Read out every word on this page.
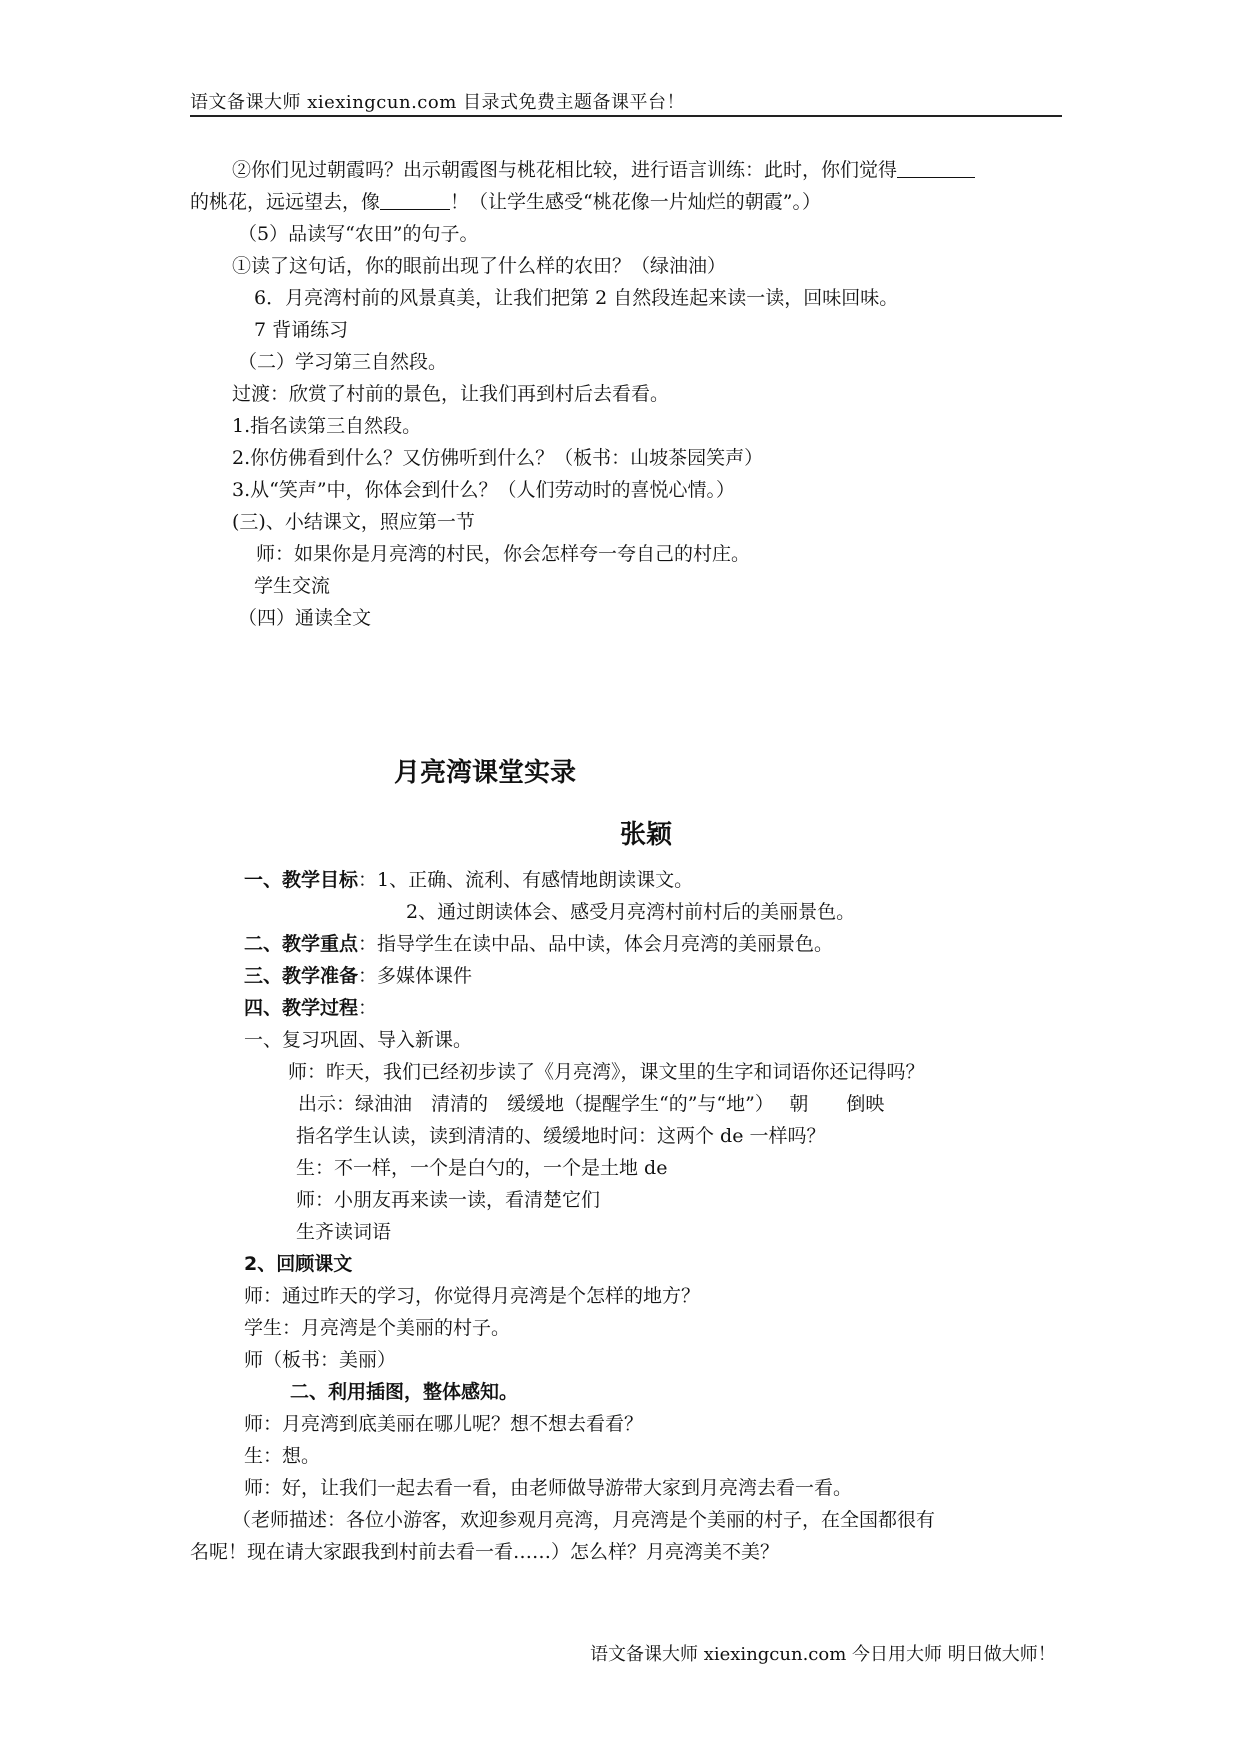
语文备课大师 xiexingcun.com 目录式免费主题备课平台！
②你们见过朝霞吗？出示朝霞图与桃花相比较，进行语言训练：此时，你们觉得
的桃花，远远望去，像	！（让学生感受“桃花像一片灿烂的朝霞”。）
（5）品读写“农田”的句子。
①读了这句话，你的眼前出现了什么样的农田？（绿油油）
6．月亮湾村前的风景真美，让我们把第 2 自然段连起来读一读，回味回味。
7 背诵练习
（二）学习第三自然段。
过渡：欣赏了村前的景色，让我们再到村后去看看。
1.指名读第三自然段。
2.你仿佛看到什么？又仿佛听到什么？（板书：山坡茶园笑声）
3.从“笑声”中，你体会到什么？（人们劳动时的喜悦心情。）
(三)、小结课文，照应第一节
师：如果你是月亮湾的村民，你会怎样夸一夸自己的村庄。
学生交流
（四）通读全文
月亮湾课堂实录
张颖
一、教学目标：1、正确、流利、有感情地朗读课文。
2、通过朗读体会、感受月亮湾村前村后的美丽景色。
二、教学重点：指导学生在读中品、品中读，体会月亮湾的美丽景色。
三、教学准备：多媒体课件
四、教学过程：
一、复习巩固、导入新课。
师：昨天，我们已经初步读了《月亮湾》，课文里的生字和词语你还记得吗？
出示：绿油油　清清的　缓缓地（提醒学生“的”与“地”）　 朝　　倒映
指名学生认读，读到清清的、缓缓地时问：这两个 de 一样吗？
生：不一样，一个是白勺的，一个是土地 de
师：小朋友再来读一读，看清楚它们
生齐读词语
2、回顾课文
师：通过昨天的学习，你觉得月亮湾是个怎样的地方？
学生：月亮湾是个美丽的村子。
师（板书：美丽）
二、利用插图，整体感知。
师：月亮湾到底美丽在哪儿呢？想不想去看看？
生：想。
师：好，让我们一起去看一看，由老师做导游带大家到月亮湾去看一看。
（老师描述：各位小游客，欢迎参观月亮湾，月亮湾是个美丽的村子，在全国都很有
名呢！现在请大家跟我到村前去看一看……）怎么样？月亮湾美不美？
语文备课大师 xiexingcun.com 今日用大师 明日做大师！
